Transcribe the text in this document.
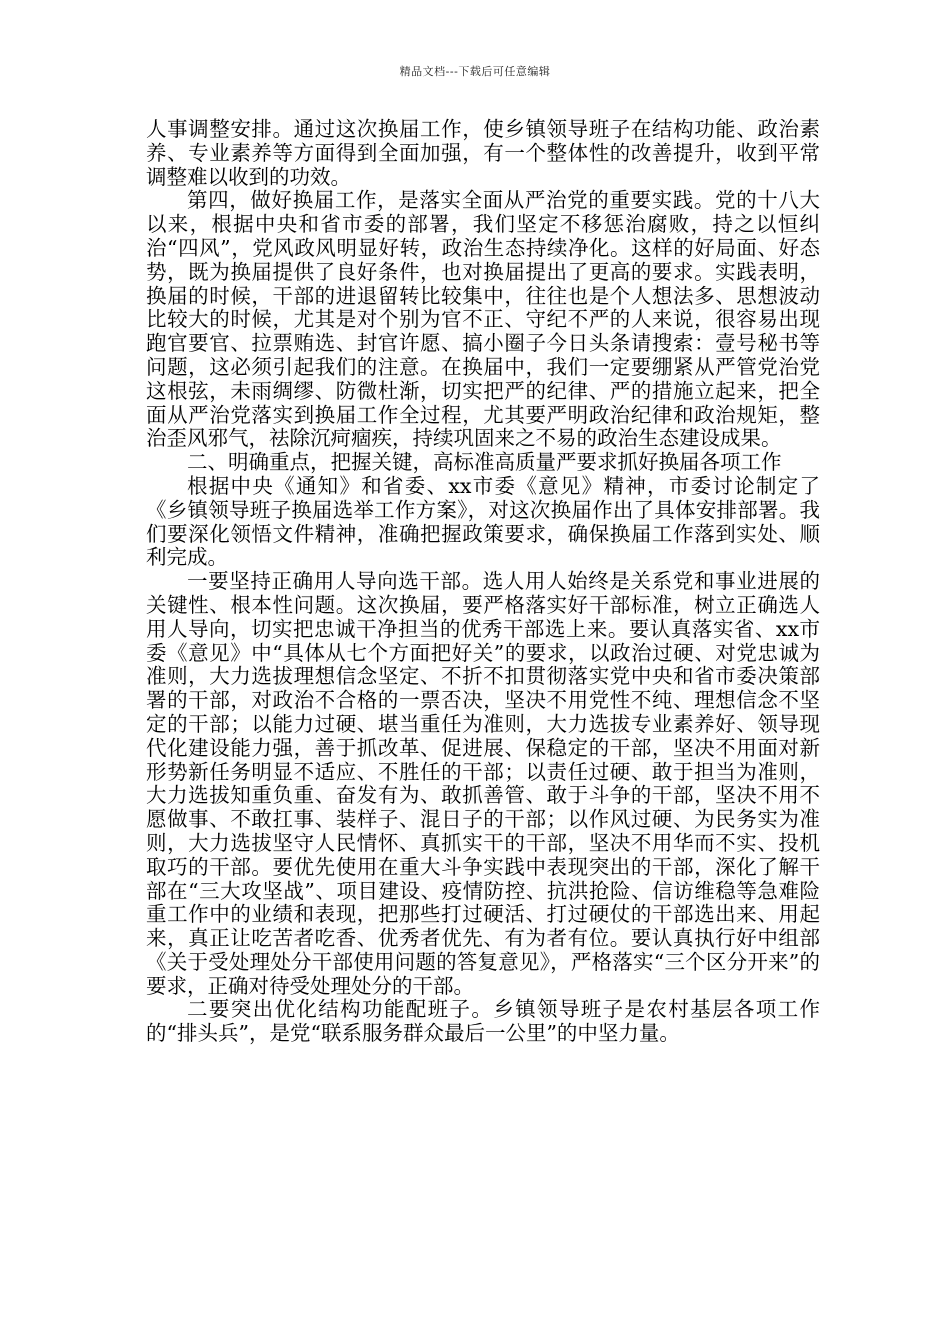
精品文档---下载后可任意编辑

人事调整安排。通过这次换届工作，使乡镇领导班子在结构功能、政治素养、专业素养等方面得到全面加强，有一个整体性的改善提升，收到平常调整难以收到的功效。

第四，做好换届工作，是落实全面从严治党的重要实践。党的十八大以来，根据中央和省市委的部署，我们坚定不移惩治腐败，持之以恒纠治“四风”，党风政风明显好转，政治生态持续净化。这样的好局面、好态势，既为换届提供了良好条件，也对换届提出了更高的要求。实践表明，换届的时候，干部的进退留转比较集中，往往也是个人想法多、思想波动比较大的时候，尤其是对个别为官不正、守纪不严的人来说，很容易出现跑官要官、拉票贿选、封官许愿、搞小圈子今日头条请搜索：壹号秘书等问题，这必须引起我们的注意。在换届中，我们一定要绷紧从严管党治党这根弦，未雨绸缪、防微杜渐，切实把严的纪律、严的措施立起来，把全面从严治党落实到换届工作全过程，尤其要严明政治纪律和政治规矩，整治歪风邪气，祛除沉疴痼疾，持续巩固来之不易的政治生态建设成果。

二、明确重点，把握关键，高标准高质量严要求抓好换届各项工作

根据中央《通知》和省委、xx市委《意见》精神，市委讨论制定了《乡镇领导班子换届选举工作方案》，对这次换届作出了具体安排部署。我们要深化领悟文件精神，准确把握政策要求，确保换届工作落到实处、顺利完成。

一要坚持正确用人导向选干部。选人用人始终是关系党和事业进展的关键性、根本性问题。这次换届，要严格落实好干部标准，树立正确选人用人导向，切实把忠诚干净担当的优秀干部选上来。要认真落实省、xx市委《意见》中“具体从七个方面把好关”的要求，以政治过硬、对党忠诚为准则，大力选拔理想信念坚定、不折不扣贯彻落实党中央和省市委决策部署的干部，对政治不合格的一票否决，坚决不用党性不纯、理想信念不坚定的干部；以能力过硬、堪当重任为准则，大力选拔专业素养好、领导现代化建设能力强，善于抓改革、促进展、保稳定的干部，坚决不用面对新形势新任务明显不适应、不胜任的干部；以责任过硬、敢于担当为准则，大力选拔知重负重、奋发有为、敢抓善管、敢于斗争的干部，坚决不用不愿做事、不敢扛事、装样子、混日子的干部；以作风过硬、为民务实为准则，大力选拔坚守人民情怀、真抓实干的干部，坚决不用华而不实、投机取巧的干部。要优先使用在重大斗争实践中表现突出的干部，深化了解干部在“三大攻坚战”、项目建设、疫情防控、抗洪抢险、信访维稳等急难险重工作中的业绩和表现，把那些打过硬活、打过硬仗的干部选出来、用起来，真正让吃苦者吃香、优秀者优先、有为者有位。要认真执行好中组部《关于受处理处分干部使用问题的答复意见》，严格落实“三个区分开来”的要求，正确对待受处理处分的干部。

二要突出优化结构功能配班子。乡镇领导班子是农村基层各项工作的“排头兵”，是党“联系服务群众最后一公里”的中坚力量。
